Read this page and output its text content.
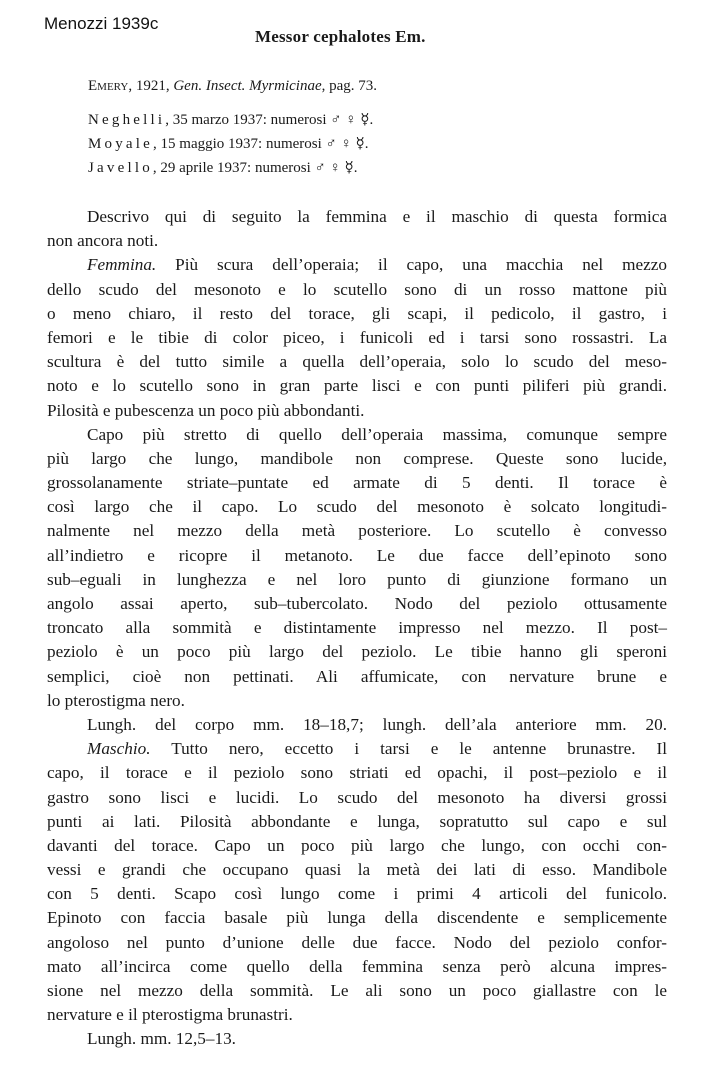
Menozzi 1939c
Messor cephalotes Em.
Emery, 1921, Gen. Insect. Myrmicinae, pag. 73.
Neghelli, 35 marzo 1937: numerosi ♂ ♀ ☿.
Moyale, 15 maggio 1937: numerosi ♂ ♀ ☿.
Javello, 29 aprile 1937: numerosi ♂ ♀ ☿.
Descrivo qui di seguito la femmina e il maschio di questa formica
non ancora noti.
Femmina. Più scura dell’operaia; il capo, una macchia nel mezzo
dello scudo del mesonoto e lo scutello sono di un rosso mattone più
o meno chiaro, il resto del torace, gli scapi, il pedicolo, il gastro, i
femori e le tibie di color piceo, i funicoli ed i tarsi sono rossastri. La
scultura è del tutto simile a quella dell’operaia, solo lo scudo del meso-
noto e lo scutello sono in gran parte lisci e con punti piliferi più grandi.
Pilosità e pubescenza un poco più abbondanti.
Capo più stretto di quello dell’operaia massima, comunque sempre
più largo che lungo, mandibole non comprese. Queste sono lucide,
grossolanamente striate–puntate ed armate di 5 denti. Il torace è
così largo che il capo. Lo scudo del mesonoto è solcato longitudi-
nalmente nel mezzo della metà posteriore. Lo scutello è convesso
all’indietro e ricopre il metanoto. Le due facce dell’epinoto sono
sub–eguali in lunghezza e nel loro punto di giunzione formano un
angolo assai aperto, sub–tubercolato. Nodo del peziolo ottusamente
troncato alla sommità e distintamente impresso nel mezzo. Il post–
peziolo è un poco più largo del peziolo. Le tibie hanno gli speroni
semplici, cioè non pettinati. Ali affumicate, con nervature brune e
lo pterostigma nero.
Lungh. del corpo mm. 18–18,7; lungh. dell’ala anteriore mm. 20.
Maschio. Tutto nero, eccetto i tarsi e le antenne brunastre. Il
capo, il torace e il peziolo sono striati ed opachi, il post–peziolo e il
gastro sono lisci e lucidi. Lo scudo del mesonoto ha diversi grossi
punti ai lati. Pilosità abbondante e lunga, sopratutto sul capo e sul
davanti del torace. Capo un poco più largo che lungo, con occhi con-
vessi e grandi che occupano quasi la metà dei lati di esso. Mandibole
con 5 denti. Scapo così lungo come i primi 4 articoli del funicolo.
Epinoto con faccia basale più lunga della discendente e semplicemente
angoloso nel punto d’unione delle due facce. Nodo del peziolo confor-
mato all’incirca come quello della femmina senza però alcuna impres-
sione nel mezzo della sommità. Le ali sono un poco giallastre con le
nervature e il pterostigma brunastri.
Lungh. mm. 12,5–13.
